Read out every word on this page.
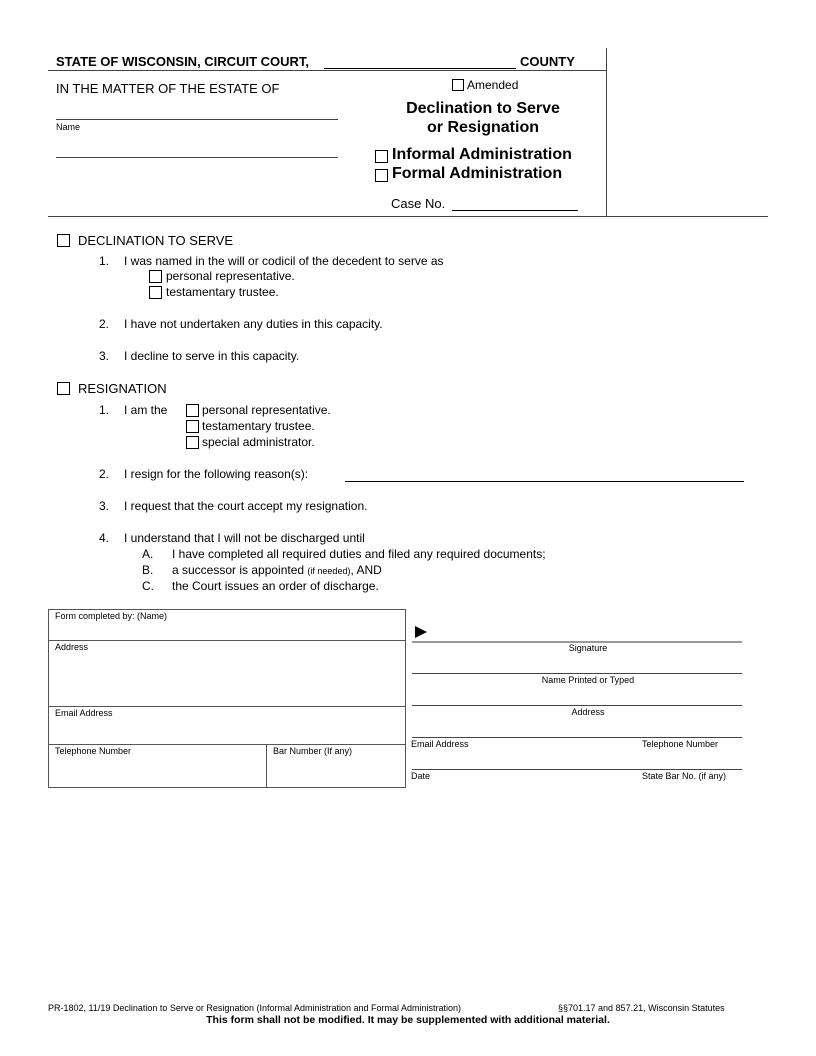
STATE OF WISCONSIN, CIRCUIT COURT,	COUNTY
IN THE MATTER OF THE ESTATE OF
Name
Amended
Declination to Serve
or Resignation
Informal Administration
Formal Administration
Case No.
DECLINATION TO SERVE
1. I was named in the will or codicil of the decedent to serve as
personal representative.
testamentary trustee.
2. I have not undertaken any duties in this capacity.
3. I decline to serve in this capacity.
RESIGNATION
1. I am the	personal representative.
testamentary trustee.
special administrator.
2. I resign for the following reason(s):
3. I request that the court accept my resignation.
4. I understand that I will not be discharged until
A. I have completed all required duties and filed any required documents;
B. a successor is appointed (if needed), AND
C. the Court issues an order of discharge.
Form completed by: (Name)
Address
Email Address
Telephone Number	Bar Number (If any)
Signature
Name Printed or Typed
Address
Email Address	Telephone Number
Date	State Bar No. (if any)
PR-1802, 11/19 Declination to Serve or Resignation (Informal Administration and Formal Administration)	§§701.17 and 857.21, Wisconsin Statutes
This form shall not be modified. It may be supplemented with additional material.
